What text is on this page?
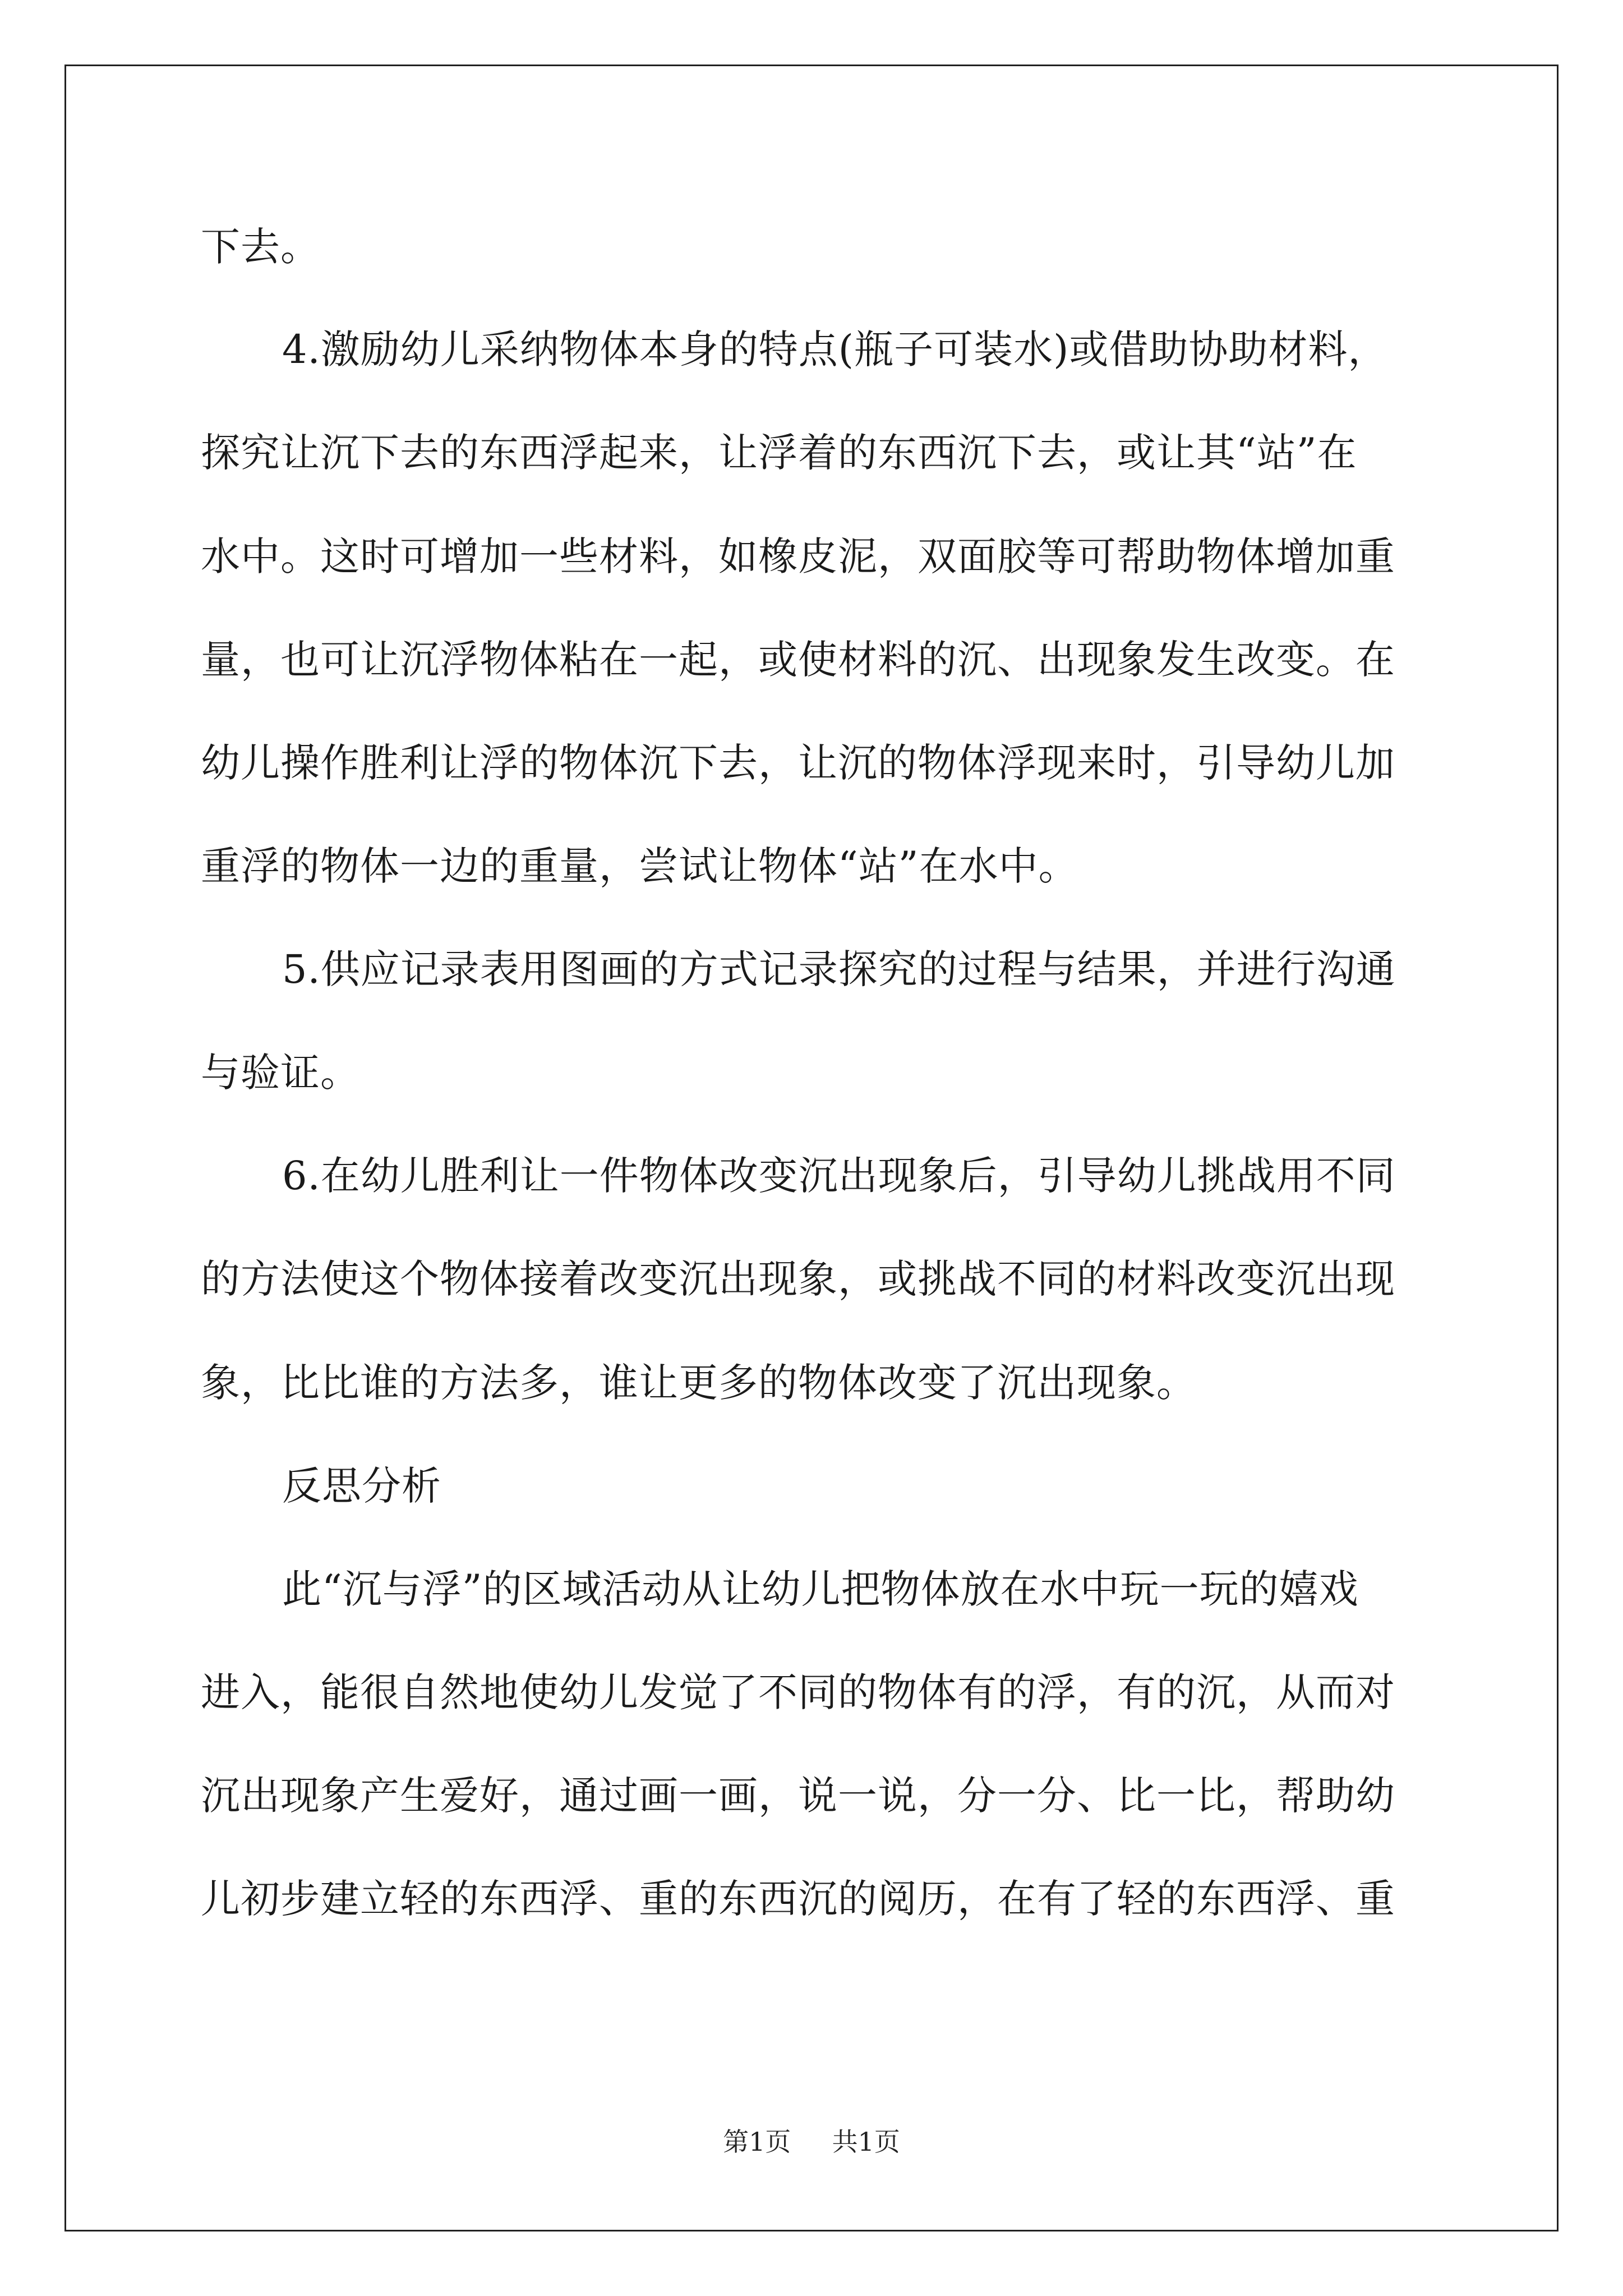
下去。
4.激励幼儿采纳物体本身的特点(瓶子可装水)或借助协助材料，
探究让沉下去的东西浮起来，让浮着的东西沉下去，或让其“站”在
水中。这时可增加一些材料，如橡皮泥，双面胶等可帮助物体增加重
量，也可让沉浮物体粘在一起，或使材料的沉、出现象发生改变。在
幼儿操作胜利让浮的物体沉下去，让沉的物体浮现来时，引导幼儿加
重浮的物体一边的重量，尝试让物体“站”在水中。
5.供应记录表用图画的方式记录探究的过程与结果，并进行沟通
与验证。
6.在幼儿胜利让一件物体改变沉出现象后，引导幼儿挑战用不同
的方法使这个物体接着改变沉出现象，或挑战不同的材料改变沉出现
象，比比谁的方法多，谁让更多的物体改变了沉出现象。
反思分析
此“沉与浮”的区域活动从让幼儿把物体放在水中玩一玩的嬉戏
进入，能很自然地使幼儿发觉了不同的物体有的浮，有的沉，从而对
沉出现象产生爱好，通过画一画，说一说，分一分、比一比，帮助幼
儿初步建立轻的东西浮、重的东西沉的阅历，在有了轻的东西浮、重
第1页 共1页
